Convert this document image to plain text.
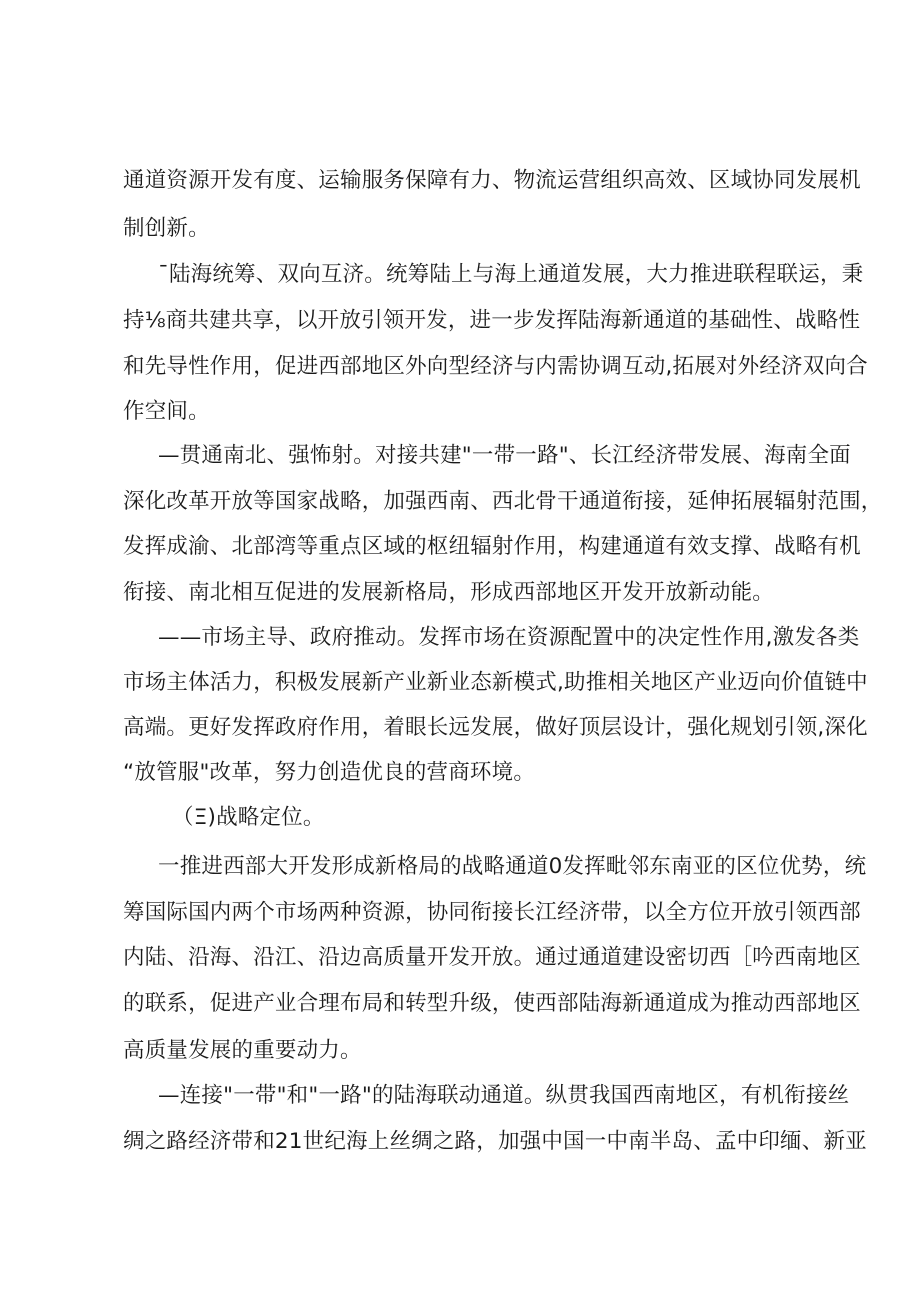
通道资源开发有度、运输服务保障有力、物流运营组织高效、区域协同发展机
制创新。
¯陆海统筹、双向互济。统筹陆上与海上通道发展，大力推进联程联运，秉
持⅛商共建共享，以开放引领开发，进一步发挥陆海新通道的基础性、战略性
和先导性作用，促进西部地区外向型经济与内需协调互动,拓展对外经济双向合
作空间。
—贯通南北、强怖射。对接共建"一带一路"、长江经济带发展、海南全面
深化改革开放等国家战略，加强西南、西北骨干通道衔接，延伸拓展辐射范围，
发挥成渝、北部湾等重点区域的枢纽辐射作用，构建通道有效支撑、战略有机
衔接、南北相互促进的发展新格局，形成西部地区开发开放新动能。
——市场主导、政府推动。发挥市场在资源配置中的决定性作用,激发各类
市场主体活力，积极发展新产业新业态新模式,助推相关地区产业迈向价值链中
高端。更好发挥政府作用，着眼长远发展，做好顶层设计，强化规划引领,深化
“放管服"改革，努力创造优良的营商环境。
（Ξ)战略定位。
一推进西部大开发形成新格局的战略通道0发挥毗邻东南亚的区位优势，统
筹国际国内两个市场两种资源，协同衔接长江经济带，以全方位开放引领西部
内陆、沿海、沿江、沿边高质量开发开放。通过通道建设密切西［吟西南地区
的联系，促进产业合理布局和转型升级，使西部陆海新通道成为推动西部地区
高质量发展的重要动力。
—连接"一带"和"一路"的陆海联动通道。纵贯我国西南地区，有机衔接丝
绸之路经济带和21世纪海上丝绸之路，加强中国一中南半岛、孟中印缅、新亚
